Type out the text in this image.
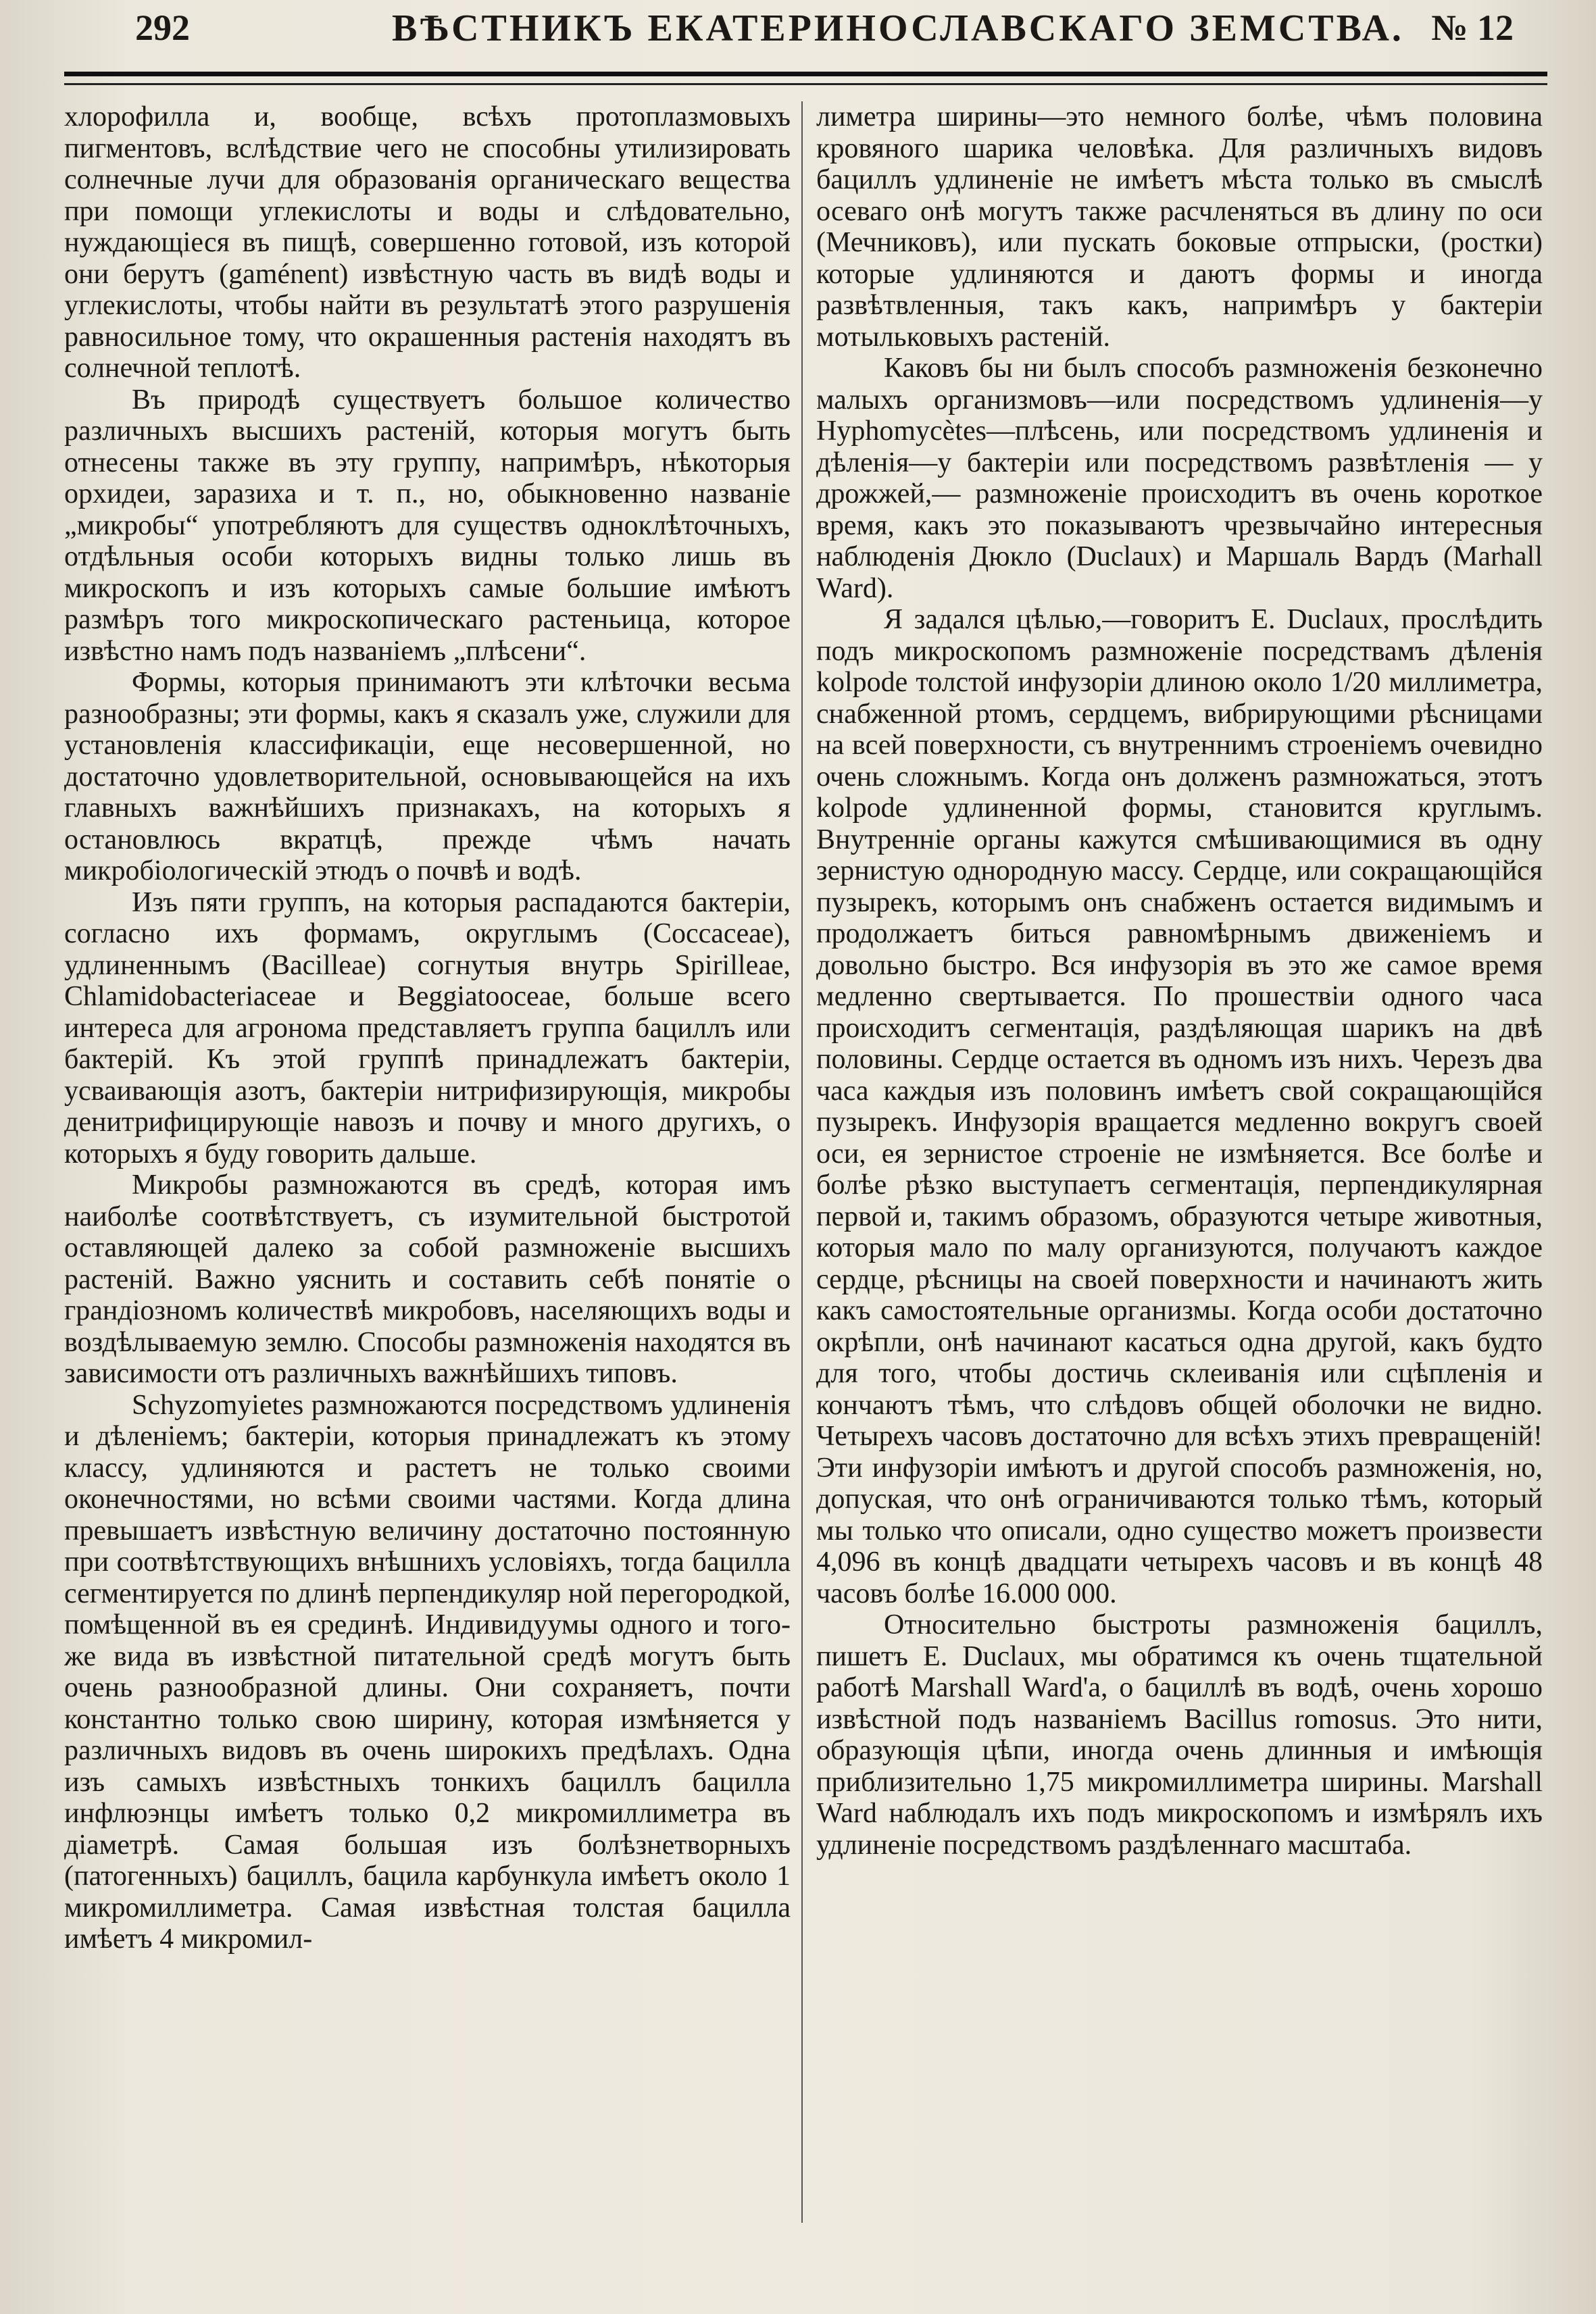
292	ВѢСТНИКЪ ЕКАТЕРИНОСЛАВСКАГО ЗЕМСТВА. № 12

хлорофилла и, вообще, всѣхъ протоплазмовыхъ пигментовъ, вслѣдствие чего не способны утилизировать солнечные лучи для образованія органическаго вещества при помощи углекислоты и воды и слѣдовательно, нуждающіеся въ пищѣ, совершенно готовой, изъ которой они берутъ (gaménent) извѣстную часть въ видѣ воды и углекислоты, чтобы найти въ результатѣ этого разрушенія равносильное тому, что окрашенныя растенія находятъ въ солнечной теплотѣ.

Въ природѣ существуетъ большое количество различныхъ высшихъ растеній, которыя могутъ быть отнесены также въ эту группу, напримѣръ, нѣкоторыя орхидеи, заразиха и т. п., но, обыкновенно названіе „микробы“ употребляютъ для существъ одноклѣточныхъ, отдѣльныя особи которыхъ видны только лишь въ микроскопъ и изъ которыхъ самые большие имѣютъ размѣръ того микроскопическаго растеньица, которое извѣстно намъ подъ названіемъ „плѣсени“.

Формы, которыя принимаютъ эти клѣточки весьма разнообразны; эти формы, какъ я сказалъ уже, служили для установленія классификаціи, еще несовершенной, но достаточно удовлетворительной, основывающейся на ихъ главныхъ важнѣйшихъ признакахъ, на которыхъ я остановлюсь вкратцѣ, прежде чѣмъ начать микробіологическій этюдъ о почвѣ и водѣ.

Изъ пяти группъ, на которыя распадаются бактеріи, согласно ихъ формамъ, округлымъ (Coccaceae), удлиненнымъ (Bacilleae) согнутыя внутрь Spirilleae, Chlamidobacteriaceae и Beggiatooceae, больше всего интереса для агронома представляетъ группа бациллъ или бактерій. Къ этой группѣ принадлежатъ бактеріи, усваивающія азотъ, бактеріи нитрифизирующія, микробы денитрифицирующіе навозъ и почву и много другихъ, о которыхъ я буду говорить дальше.

Микробы размножаются въ средѣ, которая имъ наиболѣе соотвѣтствуетъ, съ изумительной быстротой оставляющей далеко за собой размноженіе высшихъ растеній. Важно уяснить и составить себѣ понятіе о грандіозномъ количествѣ микробовъ, населяющихъ воды и воздѣлываемую землю. Способы размноженія находятся въ зависимости отъ различныхъ важнѣйшихъ типовъ.

Schyzomyietes размножаются посредствомъ удлиненія и дѣленіемъ; бактеріи, которыя принадлежатъ къ этому классу, удлиняются и растетъ не только своими оконечностями, но всѣми своими частями. Когда длина превышаетъ извѣстную величину достаточно постоянную при соотвѣтствующихъ внѣшнихъ условіяхъ, тогда бацилла сегментируется по длинѣ перпендикуляр ной перегородкой, помѣщенной въ ея срединѣ. Индивидуумы одного и того-же вида въ извѣстной питательной средѣ могутъ быть очень разнообразной длины. Они сохраняетъ, почти константно только свою ширину, которая измѣняется у различныхъ видовъ въ очень широкихъ предѣлахъ. Одна изъ самыхъ извѣстныхъ тонкихъ бациллъ бацилла инфлюэнцы имѣетъ только 0,2 микромиллиметра въ діаметрѣ. Самая большая изъ болѣзнетворныхъ (патогенныхъ) бациллъ, бацила карбункула имѣетъ около 1 микромиллиметра. Самая извѣстная толстая бацилла имѣетъ 4 микромил-

лиметра ширины—это немного болѣе, чѣмъ половина кровяного шарика человѣка. Для различныхъ видовъ бациллъ удлиненіе не имѣетъ мѣста только въ смыслѣ осеваго онѣ могутъ также расчленяться въ длину по оси (Мечниковъ), или пускать боковые отпрыски, (ростки) которые удлиняются и даютъ формы и иногда развѣтвленныя, такъ какъ, напримѣръ у бактеріи мотыльковыхъ растеній.

Каковъ бы ни былъ способъ размноженія безконечно малыхъ организмовъ—или посредствомъ удлиненія—у Hyphomycètes—плѣсень, или посредствомъ удлиненія и дѣленія—у бактеріи или посредствомъ развѣтленія — у дрожжей,— размноженіе происходитъ въ очень короткое время, какъ это показываютъ чрезвычайно интересныя наблюденія Дюкло (Duclaux) и Маршаль Вардъ (Marhall Ward).

Я задался цѣлью,—говоритъ Е. Duclaux, прослѣдить подъ микроскопомъ размноженіе посредствамъ дѣленія kolpode толстой инфузоріи длиною около 1/20 миллиметра, снабженной ртомъ, сердцемъ, вибрирующими рѣсницами на всей поверхности, съ внутреннимъ строеніемъ очевидно очень сложнымъ. Когда онъ долженъ размножаться, этотъ kolpode удлиненной формы, становится круглымъ. Внутренніе органы кажутся смѣшивающимися въ одну зернистую однородную массу. Сердце, или сокращающійся пузырекъ, которымъ онъ снабженъ остается видимымъ и продолжаетъ биться равномѣрнымъ движеніемъ и довольно быстро. Вся инфузорія въ это же самое время медленно свертывается. По прошествіи одного часа происходитъ сегментація, раздѣляющая шарикъ на двѣ половины. Сердце остается въ одномъ изъ нихъ. Черезъ два часа каждыя изъ половинъ имѣетъ свой сокращающійся пузырекъ. Инфузорія вращается медленно вокругъ своей оси, ея зернистое строеніе не измѣняется. Все болѣе и болѣе рѣзко выступаетъ сегментація, перпендикулярная первой и, такимъ образомъ, образуются четыре животныя, которыя мало по малу организуются, получаютъ каждое сердце, рѣсницы на своей поверхности и начинаютъ жить какъ самостоятельные организмы. Когда особи достаточно окрѣпли, онѣ начинают касаться одна другой, какъ будто для того, чтобы достичь склеиванія или сцѣпленія и кончаютъ тѣмъ, что слѣдовъ общей оболочки не видно. Четырехъ часовъ достаточно для всѣхъ этихъ превращеній! Эти инфузоріи имѣютъ и другой способъ размноженія, но, допуская, что онѣ ограничиваются только тѣмъ, который мы только что описали, одно существо можетъ произвести 4,096 въ концѣ двадцати четырехъ часовъ и въ концѣ 48 часовъ болѣе 16.000 000.

Относительно быстроты размноженія бациллъ, пишетъ Е. Duclaux, мы обратимся къ очень тщательной работѣ Marshall Ward'a, о бациллѣ въ водѣ, очень хорошо извѣстной подъ названіемъ Bacillus romosus. Это нити, образующія цѣпи, иногда очень длинныя и имѣющія приблизительно 1,75 микромиллиметра ширины. Marshall Ward наблюдалъ ихъ подъ микроскопомъ и измѣрялъ ихъ удлиненіе посредствомъ раздѣленнаго масштаба.
